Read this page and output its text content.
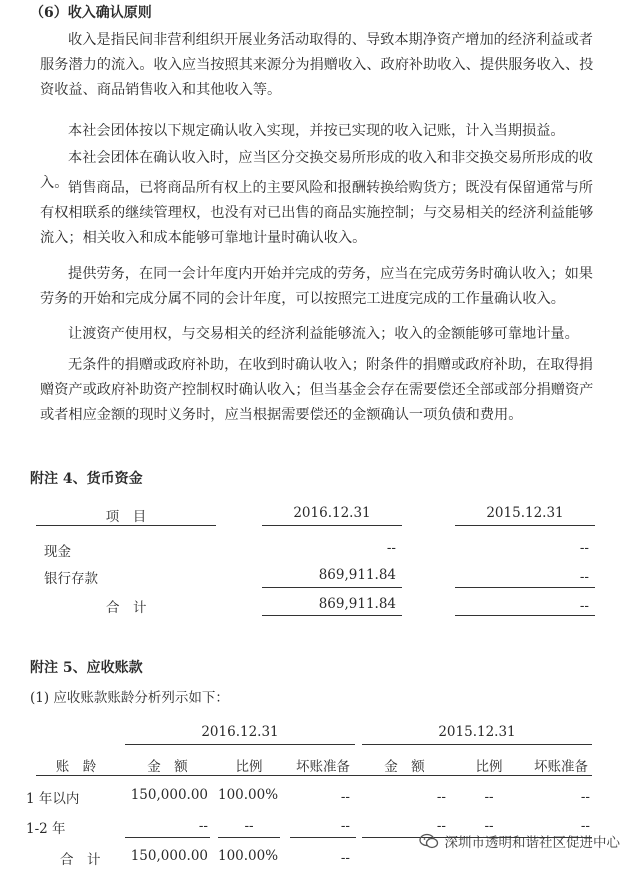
（6）收入确认原则
收入是指民间非营利组织开展业务活动取得的、导致本期净资产增加的经济利益或者服务潜力的流入。收入应当按照其来源分为捐赠收入、政府补助收入、提供服务收入、投资收益、商品销售收入和其他收入等。
本社会团体按以下规定确认收入实现，并按已实现的收入记账，计入当期损益。
本社会团体在确认收入时，应当区分交换交易所形成的收入和非交换交易所形成的收入。 销售商品，已将商品所有权上的主要风险和报酬转换给购货方；既没有保留通常与所有权相联系的继续管理权，也没有对已出售的商品实施控制；与交易相关的经济利益能够流入；相关收入和成本能够可靠地计量时确认收入。
提供劳务，在同一会计年度内开始并完成的劳务，应当在完成劳务时确认收入；如果劳务的开始和完成分属不同的会计年度，可以按照完工进度完成的工作量确认收入。
让渡资产使用权，与交易相关的经济利益能够流入；收入的金额能够可靠地计量。
无条件的捐赠或政府补助，在收到时确认收入；附条件的捐赠或政府补助，在取得捐赠资产或政府补助资产控制权时确认收入；但当基金会存在需要偿还全部或部分捐赠资产或者相应金额的现时义务时，应当根据需要偿还的金额确认一项负债和费用。
附注 4、货币资金
项　目	2016.12.31	2015.12.31
现金	--	--
银行存款	869,911.84	--
合　计	869,911.84	--
附注 5、应收账款
(1) 应收账款账龄分析列示如下：
2016.12.31	2015.12.31
账　龄	金　额	比例	坏账准备	金　额	比例	坏账准备
1 年以内	150,000.00 100.00%	--	--	--	--
1-2 年	--	--	--	--	--	--
合　计	150,000.00 100.00%	--
深圳市透明和谐社区促进中心
